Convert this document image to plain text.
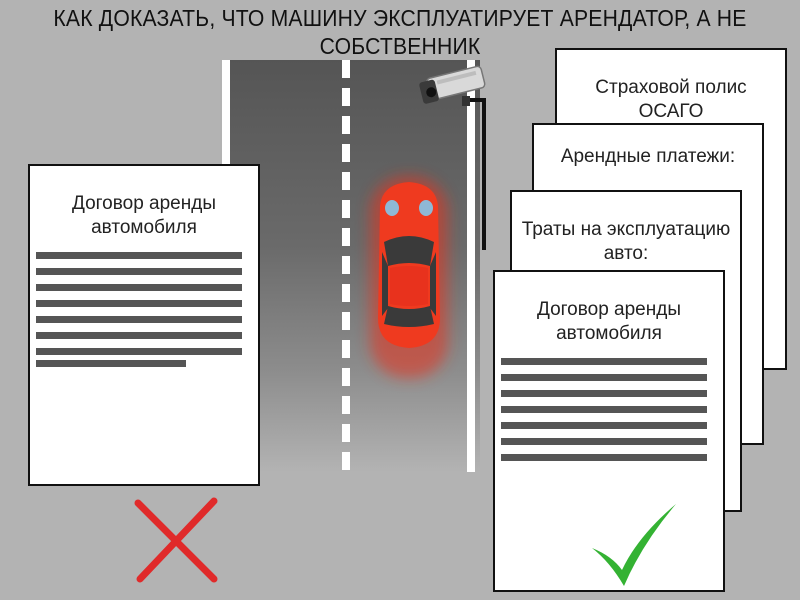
КАК ДОКАЗАТЬ, ЧТО МАШИНУ ЭКСПЛУАТИРУЕТ АРЕНДАТОР, А НЕ
СОБСТВЕННИК
Договор аренды
автомобиля
Страховой полис
ОСАГО
Арендные платежи:
Траты на эксплуатацию
авто:
Договор аренды
автомобиля
